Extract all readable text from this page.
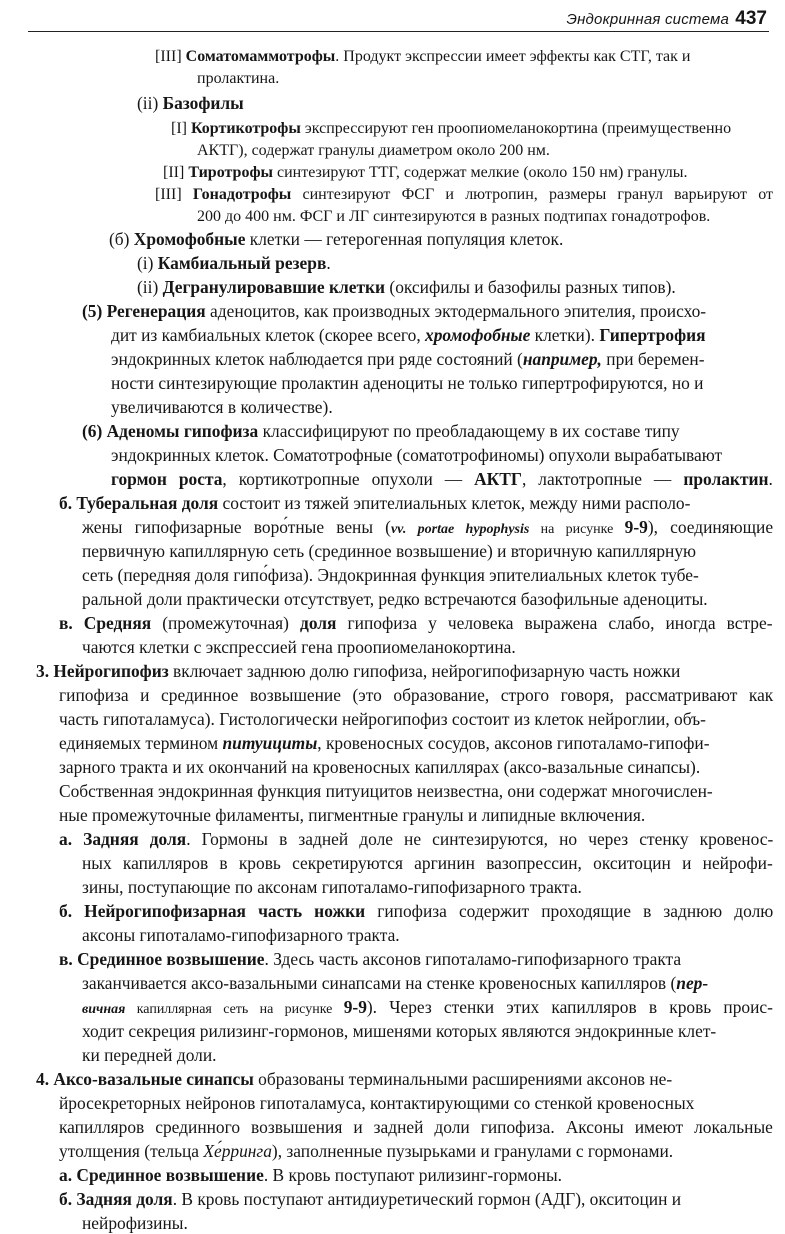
Эндокринная система 437
[III] Соматомаммотрофы. Продукт экспрессии имеет эффекты как СТГ, так и
пролактина.
(ii) Базофилы
[I] Кортикотрофы экспрессируют ген проопиомеланокортина (преимущественно
АКТГ), содержат гранулы диаметром около 200 нм.
[II] Тиротрофы синтезируют ТТГ, содержат мелкие (около 150 нм) гранулы.
[III] Гонадотрофы синтезируют ФСГ и лютропин, размеры гранул варьируют от
200 до 400 нм. ФСГ и ЛГ синтезируются в разных подтипах гонадотрофов.
(б) Хромофобные клетки — гетерогенная популяция клеток.
(i) Камбиальный резерв.
(ii) Дегранулировавшие клетки (оксифилы и базофилы разных типов).
(5) Регенерация аденоцитов, как производных эктодермального эпителия, происхо-
дит из камбиальных клеток (скорее всего, хромофобные клетки). Гипертрофия
эндокринных клеток наблюдается при ряде состояний (например, при беремен-
ности синтезирующие пролактин аденоциты не только гипертрофируются, но и
увеличиваются в количестве).
(6) Аденомы гипофиза классифицируют по преобладающему в их составе типу
эндокринных клеток. Соматотрофные (соматотрофиномы) опухоли вырабатывают
гормон роста, кортикотропные опухоли — АКТГ, лактотропные — пролактин.
б. Туберальная доля состоит из тяжей эпителиальных клеток, между ними располо-
жены гипофизарные воро́тные вены (vv. portae hypophysis на рисунке 9-9), соединяющие
первичную капиллярную сеть (срединное возвышение) и вторичную капиллярную
сеть (передняя доля гипо́физа). Эндокринная функция эпителиальных клеток тубе-
ральной доли практически отсутствует, редко встречаются базофильные аденоциты.
в. Средняя (промежуточная) доля гипофиза у человека выражена слабо, иногда встре-
чаются клетки с экспрессией гена проопиомеланокортина.
3. Нейрогипофиз включает заднюю долю гипофиза, нейрогипофизарную часть ножки
гипофиза и срединное возвышение (это образование, строго говоря, рассматривают как
часть гипоталамуса). Гистологически нейрогипофиз состоит из клеток нейроглии, объ-
единяемых термином питуициты, кровеносных сосудов, аксонов гипоталамо-гипофи-
зарного тракта и их окончаний на кровеносных капиллярах (аксо-вазальные синапсы).
Собственная эндокринная функция питуицитов неизвестна, они содержат многочислен-
ные промежуточные филаменты, пигментные гранулы и липидные включения.
а. Задняя доля. Гормоны в задней доле не синтезируются, но через стенку кровенос-
ных капилляров в кровь секретируются аргинин вазопрессин, окситоцин и нейрофи-
зины, поступающие по аксонам гипоталамо-гипофизарного тракта.
б. Нейрогипофизарная часть ножки гипофиза содержит проходящие в заднюю долю
аксоны гипоталамо-гипофизарного тракта.
в. Срединное возвышение. Здесь часть аксонов гипоталамо-гипофизарного тракта
заканчивается аксо-вазальными синапсами на стенке кровеносных капилляров (пер-
вичная капиллярная сеть на рисунке 9-9). Через стенки этих капилляров в кровь проис-
ходит секреция рилизинг-гормонов, мишенями которых являются эндокринные клет-
ки передней доли.
4. Аксо-вазальные синапсы образованы терминальными расширениями аксонов не-
йросекреторных нейронов гипоталамуса, контактирующими со стенкой кровеносных
капилляров срединного возвышения и задней доли гипофиза. Аксоны имеют локальные
утолщения (тельца Хе́рринга), заполненные пузырьками и гранулами с гормонами.
а. Срединное возвышение. В кровь поступают рилизинг-гормоны.
б. Задняя доля. В кровь поступают антидиуретический гормон (АДГ), окситоцин и
нейрофизины.
